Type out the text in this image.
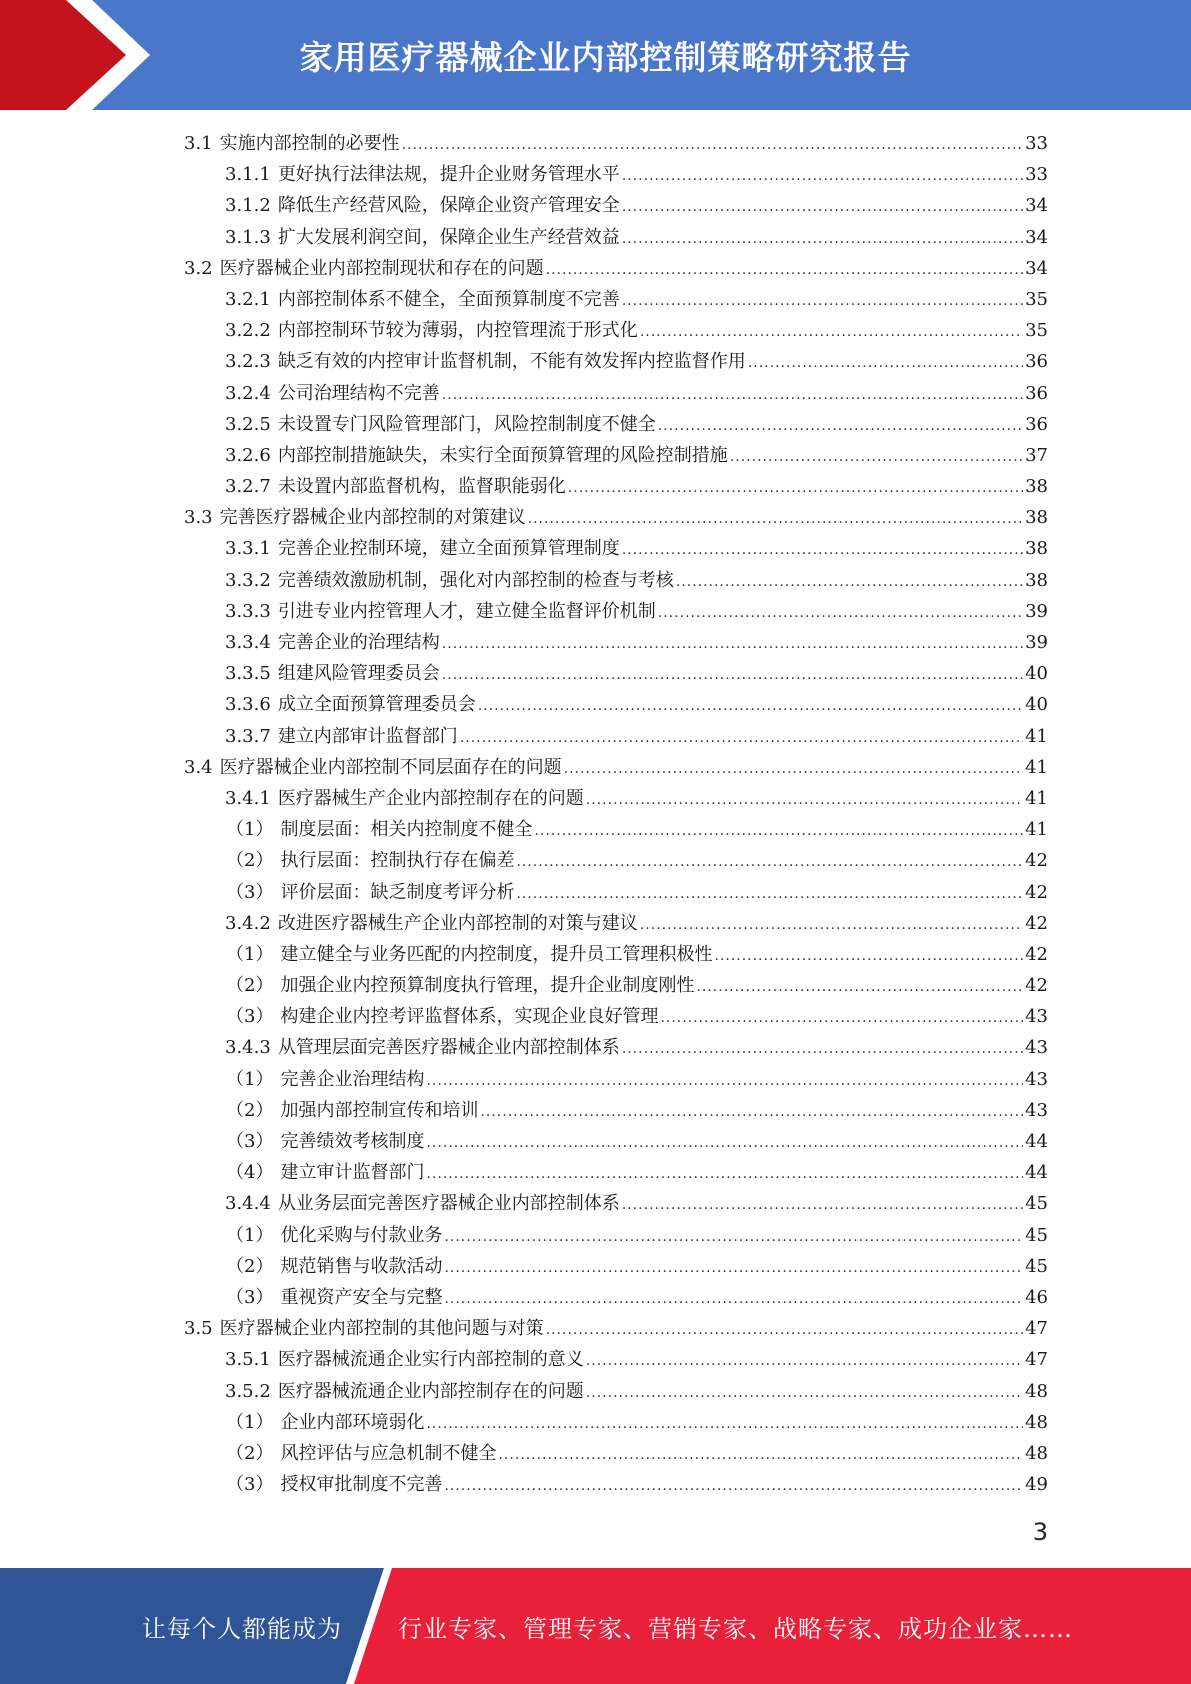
家用医疗器械企业内部控制策略研究报告
3.1 实施内部控制的必要性 .....	33
3.1.1 更好执行法律法规，提升企业财务管理水平 .....	33
3.1.2 降低生产经营风险，保障企业资产管理安全 .....	34
3.1.3 扩大发展利润空间，保障企业生产经营效益 .....	34
3.2 医疗器械企业内部控制现状和存在的问题 .....	34
3.2.1 内部控制体系不健全，全面预算制度不完善 .....	35
3.2.2 内部控制环节较为薄弱，内控管理流于形式化 .....	35
3.2.3 缺乏有效的内控审计监督机制，不能有效发挥内控监督作用 .....	36
3.2.4 公司治理结构不完善 .....	36
3.2.5 未设置专门风险管理部门，风险控制制度不健全 .....	36
3.2.6 内部控制措施缺失，未实行全面预算管理的风险控制措施 .....	37
3.2.7 未设置内部监督机构，监督职能弱化 .....	38
3.3 完善医疗器械企业内部控制的对策建议 .....	38
3.3.1 完善企业控制环境，建立全面预算管理制度 .....	38
3.3.2 完善绩效激励机制，强化对内部控制的检查与考核 .....	38
3.3.3 引进专业内控管理人才，建立健全监督评价机制 .....	39
3.3.4 完善企业的治理结构 .....	39
3.3.5 组建风险管理委员会 .....	40
3.3.6 成立全面预算管理委员会 .....	40
3.3.7 建立内部审计监督部门 .....	41
3.4 医疗器械企业内部控制不同层面存在的问题 .....	41
3.4.1 医疗器械生产企业内部控制存在的问题 .....	41
（1） 制度层面：相关内控制度不健全 .....	41
（2） 执行层面：控制执行存在偏差 .....	42
（3） 评价层面：缺乏制度考评分析 .....	42
3.4.2 改进医疗器械生产企业内部控制的对策与建议 .....	42
（1） 建立健全与业务匹配的内控制度，提升员工管理积极性 .....	42
（2） 加强企业内控预算制度执行管理，提升企业制度刚性 .....	42
（3） 构建企业内控考评监督体系，实现企业良好管理 .....	43
3.4.3 从管理层面完善医疗器械企业内部控制体系 .....	43
（1） 完善企业治理结构 .....	43
（2） 加强内部控制宣传和培训 .....	43
（3） 完善绩效考核制度 .....	44
（4） 建立审计监督部门 .....	44
3.4.4 从业务层面完善医疗器械企业内部控制体系 .....	45
（1） 优化采购与付款业务 .....	45
（2） 规范销售与收款活动 .....	45
（3） 重视资产安全与完整 .....	46
3.5 医疗器械企业内部控制的其他问题与对策 .....	47
3.5.1 医疗器械流通企业实行内部控制的意义 .....	47
3.5.2 医疗器械流通企业内部控制存在的问题 .....	48
（1） 企业内部环境弱化 .....	48
（2） 风控评估与应急机制不健全 .....	48
（3） 授权审批制度不完善 .....	49
3
让每个人都能成为 行业专家、管理专家、营销专家、战略专家、成功企业家……
